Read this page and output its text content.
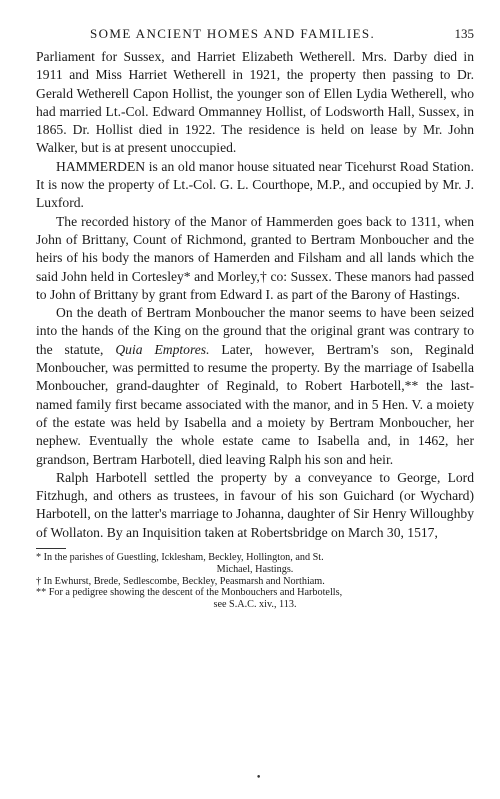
SOME ANCIENT HOMES AND FAMILIES.	135

Parliament for Sussex, and Harriet Elizabeth Wetherell. Mrs. Darby died in 1911 and Miss Harriet Wetherell in 1921, the property then passing to Dr. Gerald Wetherell Capon Hollist, the younger son of Ellen Lydia Wetherell, who had married Lt.-Col. Edward Ommanney Hollist, of Lodsworth Hall, Sussex, in 1865. Dr. Hollist died in 1922. The residence is held on lease by Mr. John Walker, but is at present unoccupied.

HAMMERDEN is an old manor house situated near Ticehurst Road Station. It is now the property of Lt.-Col. G. L. Courthope, M.P., and occupied by Mr. J. Luxford.

The recorded history of the Manor of Hammerden goes back to 1311, when John of Brittany, Count of Richmond, granted to Bertram Monboucher and the heirs of his body the manors of Hamerden and Filsham and all lands which the said John held in Cortesley* and Morley,† co: Sussex. These manors had passed to John of Brittany by grant from Edward I. as part of the Barony of Hastings.

On the death of Bertram Monboucher the manor seems to have been seized into the hands of the King on the ground that the original grant was contrary to the statute, Quia Emptores. Later, however, Bertram's son, Reginald Monboucher, was permitted to resume the property. By the marriage of Isabella Monboucher, grand-daughter of Reginald, to Robert Harbotell,** the last-named family first became associated with the manor, and in 5 Hen. V. a moiety of the estate was held by Isabella and a moiety by Bertram Monboucher, her nephew. Eventually the whole estate came to Isabella and, in 1462, her grandson, Bertram Harbotell, died leaving Ralph his son and heir.

Ralph Harbotell settled the property by a conveyance to George, Lord Fitzhugh, and others as trustees, in favour of his son Guichard (or Wychard) Harbotell, on the latter's marriage to Johanna, daughter of Sir Henry Willoughby of Wollaton. By an Inquisition taken at Robertsbridge on March 30, 1517,

* In the parishes of Guestling, Icklesham, Beckley, Hollington, and St.
Michael, Hastings.

† In Ewhurst, Brede, Sedlescombe, Beckley, Peasmarsh and Northiam.

** For a pedigree showing the descent of the Monbouchers and Harbotells,
see S.A.C. xiv., 113.

•
